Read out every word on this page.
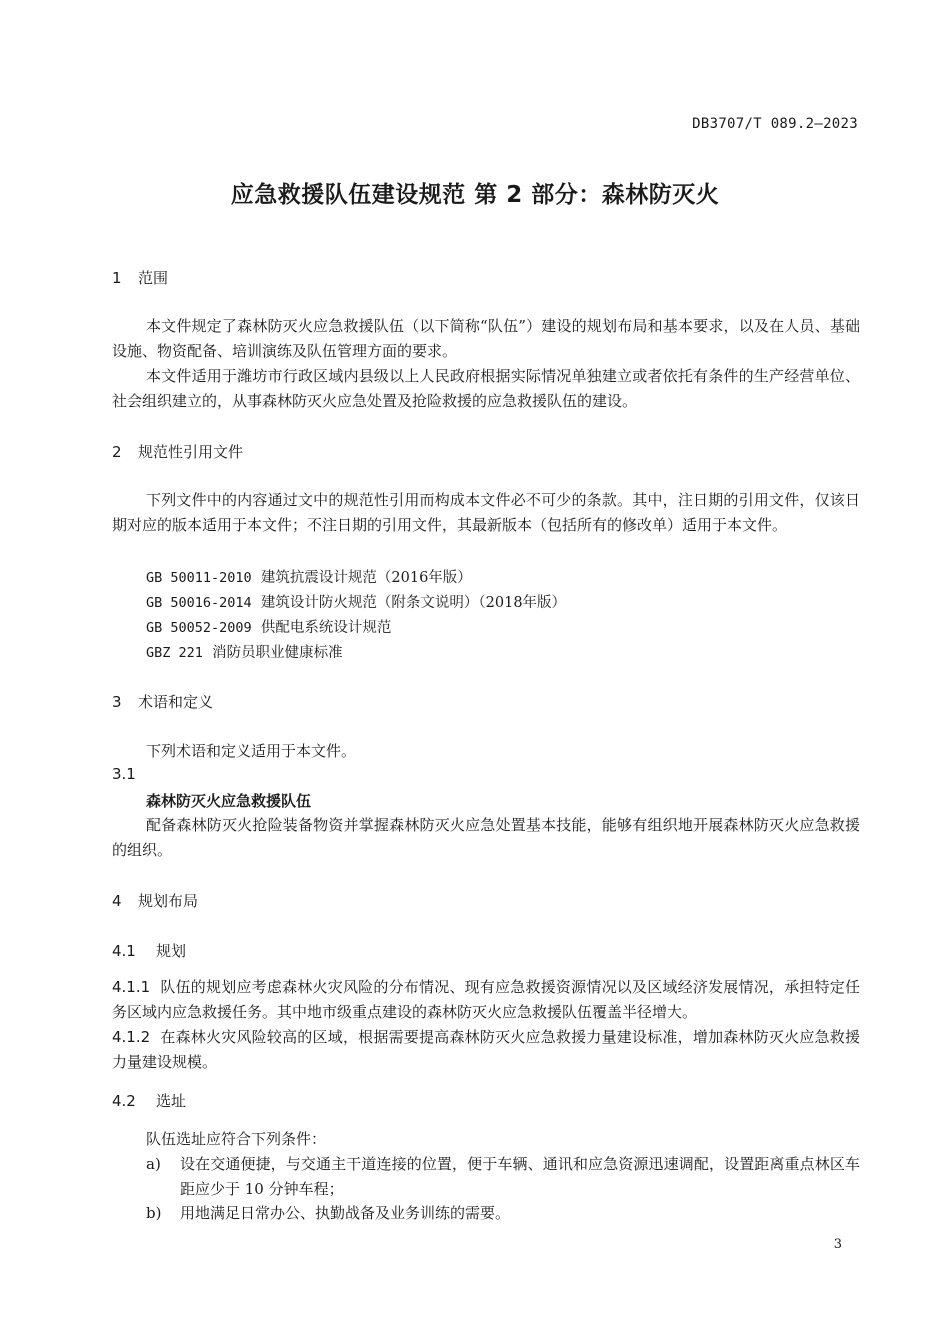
DB3707/T 089.2—2023
应急救援队伍建设规范 第 2 部分：森林防灭火
1 范围
本文件规定了森林防灭火应急救援队伍（以下简称“队伍”）建设的规划布局和基本要求，以及在人员、基础设施、物资配备、培训演练及队伍管理方面的要求。
本文件适用于潍坊市行政区域内县级以上人民政府根据实际情况单独建立或者依托有条件的生产经营单位、社会组织建立的，从事森林防灭火应急处置及抢险救援的应急救援队伍的建设。
2 规范性引用文件
下列文件中的内容通过文中的规范性引用而构成本文件必不可少的条款。其中，注日期的引用文件，仅该日期对应的版本适用于本文件；不注日期的引用文件，其最新版本（包括所有的修改单）适用于本文件。
GB 50011-2010 建筑抗震设计规范（2016年版）
GB 50016-2014 建筑设计防火规范（附条文说明）（2018年版）
GB 50052-2009 供配电系统设计规范
GBZ 221 消防员职业健康标准
3 术语和定义
下列术语和定义适用于本文件。
3.1
森林防灭火应急救援队伍
配备森林防灭火抢险装备物资并掌握森林防灭火应急处置基本技能，能够有组织地开展森林防灭火应急救援的组织。
4 规划布局
4.1 规划
4.1.1 队伍的规划应考虑森林火灾风险的分布情况、现有应急救援资源情况以及区域经济发展情况，承担特定任务区域内应急救援任务。其中地市级重点建设的森林防灭火应急救援队伍覆盖半径增大。
4.1.2 在森林火灾风险较高的区域，根据需要提高森林防灭火应急救援力量建设标准，增加森林防灭火应急救援力量建设规模。
4.2 选址
队伍选址应符合下列条件：
a) 设在交通便捷，与交通主干道连接的位置，便于车辆、通讯和应急资源迅速调配，设置距离重点林区车距应少于 10 分钟车程；
b) 用地满足日常办公、执勤战备及业务训练的需要。
3
